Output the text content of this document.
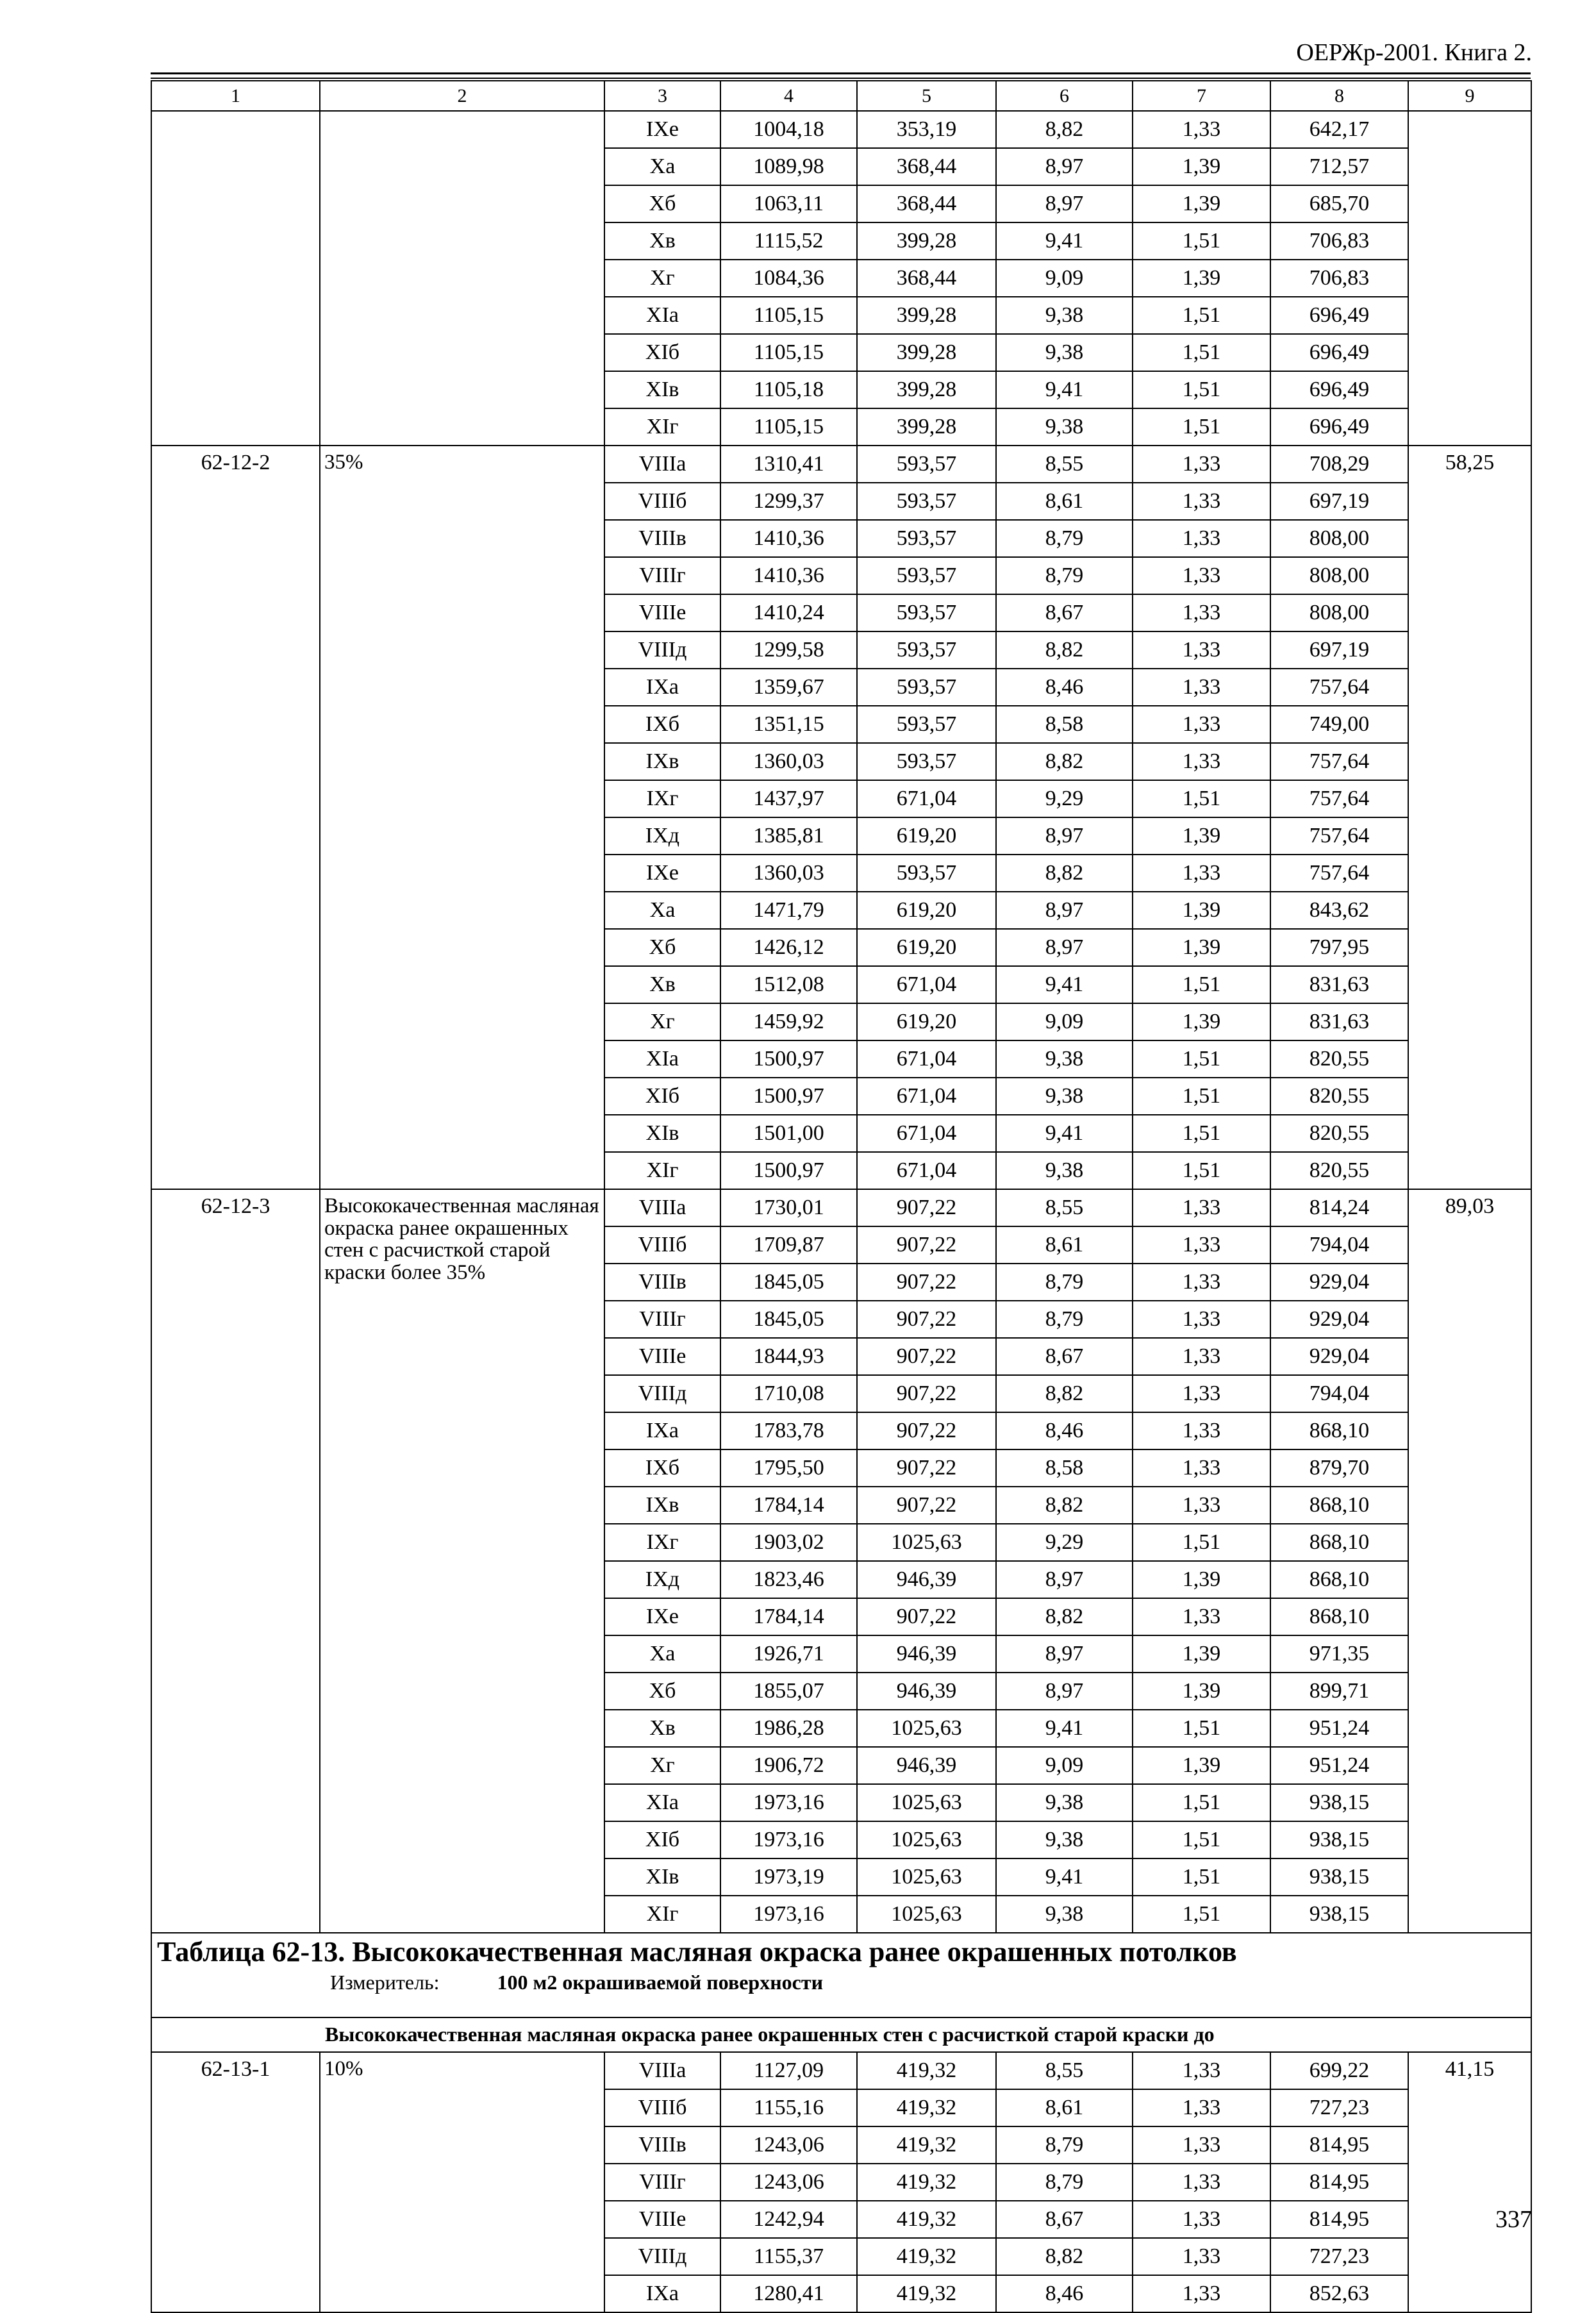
ОЕРЖр-2001. Книга 2.
1	2	3	4	5	6	7	8	9
		IXе	1004,18	353,19	8,82	1,33	642,17	
		Xа	1089,98	368,44	8,97	1,39	712,57	
		Xб	1063,11	368,44	8,97	1,39	685,70	
		Xв	1115,52	399,28	9,41	1,51	706,83	
		Xг	1084,36	368,44	9,09	1,39	706,83	
		XIа	1105,15	399,28	9,38	1,51	696,49	
		XIб	1105,15	399,28	9,38	1,51	696,49	
		XIв	1105,18	399,28	9,41	1,51	696,49	
		XIг	1105,15	399,28	9,38	1,51	696,49	
62-12-2	35%	VIIIа	1310,41	593,57	8,55	1,33	708,29	58,25
		VIIIб	1299,37	593,57	8,61	1,33	697,19	
		VIIIв	1410,36	593,57	8,79	1,33	808,00	
		VIIIг	1410,36	593,57	8,79	1,33	808,00	
		VIIIе	1410,24	593,57	8,67	1,33	808,00	
		VIIIд	1299,58	593,57	8,82	1,33	697,19	
		IXа	1359,67	593,57	8,46	1,33	757,64	
		IXб	1351,15	593,57	8,58	1,33	749,00	
		IXв	1360,03	593,57	8,82	1,33	757,64	
		IXг	1437,97	671,04	9,29	1,51	757,64	
		IXд	1385,81	619,20	8,97	1,39	757,64	
		IXе	1360,03	593,57	8,82	1,33	757,64	
		Xа	1471,79	619,20	8,97	1,39	843,62	
		Xб	1426,12	619,20	8,97	1,39	797,95	
		Xв	1512,08	671,04	9,41	1,51	831,63	
		Xг	1459,92	619,20	9,09	1,39	831,63	
		XIа	1500,97	671,04	9,38	1,51	820,55	
		XIб	1500,97	671,04	9,38	1,51	820,55	
		XIв	1501,00	671,04	9,41	1,51	820,55	
		XIг	1500,97	671,04	9,38	1,51	820,55	
62-12-3	Высококачественная масляная окраска ранее окрашенных стен с расчисткой старой краски более 35%	VIIIа	1730,01	907,22	8,55	1,33	814,24	89,03
		VIIIб	1709,87	907,22	8,61	1,33	794,04	
		VIIIв	1845,05	907,22	8,79	1,33	929,04	
		VIIIг	1845,05	907,22	8,79	1,33	929,04	
		VIIIе	1844,93	907,22	8,67	1,33	929,04	
		VIIIд	1710,08	907,22	8,82	1,33	794,04	
		IXа	1783,78	907,22	8,46	1,33	868,10	
		IXб	1795,50	907,22	8,58	1,33	879,70	
		IXв	1784,14	907,22	8,82	1,33	868,10	
		IXг	1903,02	1025,63	9,29	1,51	868,10	
		IXд	1823,46	946,39	8,97	1,39	868,10	
		IXе	1784,14	907,22	8,82	1,33	868,10	
		Xа	1926,71	946,39	8,97	1,39	971,35	
		Xб	1855,07	946,39	8,97	1,39	899,71	
		Xв	1986,28	1025,63	9,41	1,51	951,24	
		Xг	1906,72	946,39	9,09	1,39	951,24	
		XIа	1973,16	1025,63	9,38	1,51	938,15	
		XIб	1973,16	1025,63	9,38	1,51	938,15	
		XIв	1973,19	1025,63	9,41	1,51	938,15	
		XIг	1973,16	1025,63	9,38	1,51	938,15	

Таблица 62-13. Высококачественная масляная окраска ранее окрашенных потолков
Измеритель: 100 м2 окрашиваемой поверхности								

Высококачественная масляная окраска ранее окрашенных стен с расчисткой старой краски до								
62-13-1	10%	VIIIа	1127,09	419,32	8,55	1,33	699,22	41,15
		VIIIб	1155,16	419,32	8,61	1,33	727,23	
		VIIIв	1243,06	419,32	8,79	1,33	814,95	
		VIIIг	1243,06	419,32	8,79	1,33	814,95	
		VIIIе	1242,94	419,32	8,67	1,33	814,95	
		VIIIд	1155,37	419,32	8,82	1,33	727,23	
		IXа	1280,41	419,32	8,46	1,33	852,63	
337
